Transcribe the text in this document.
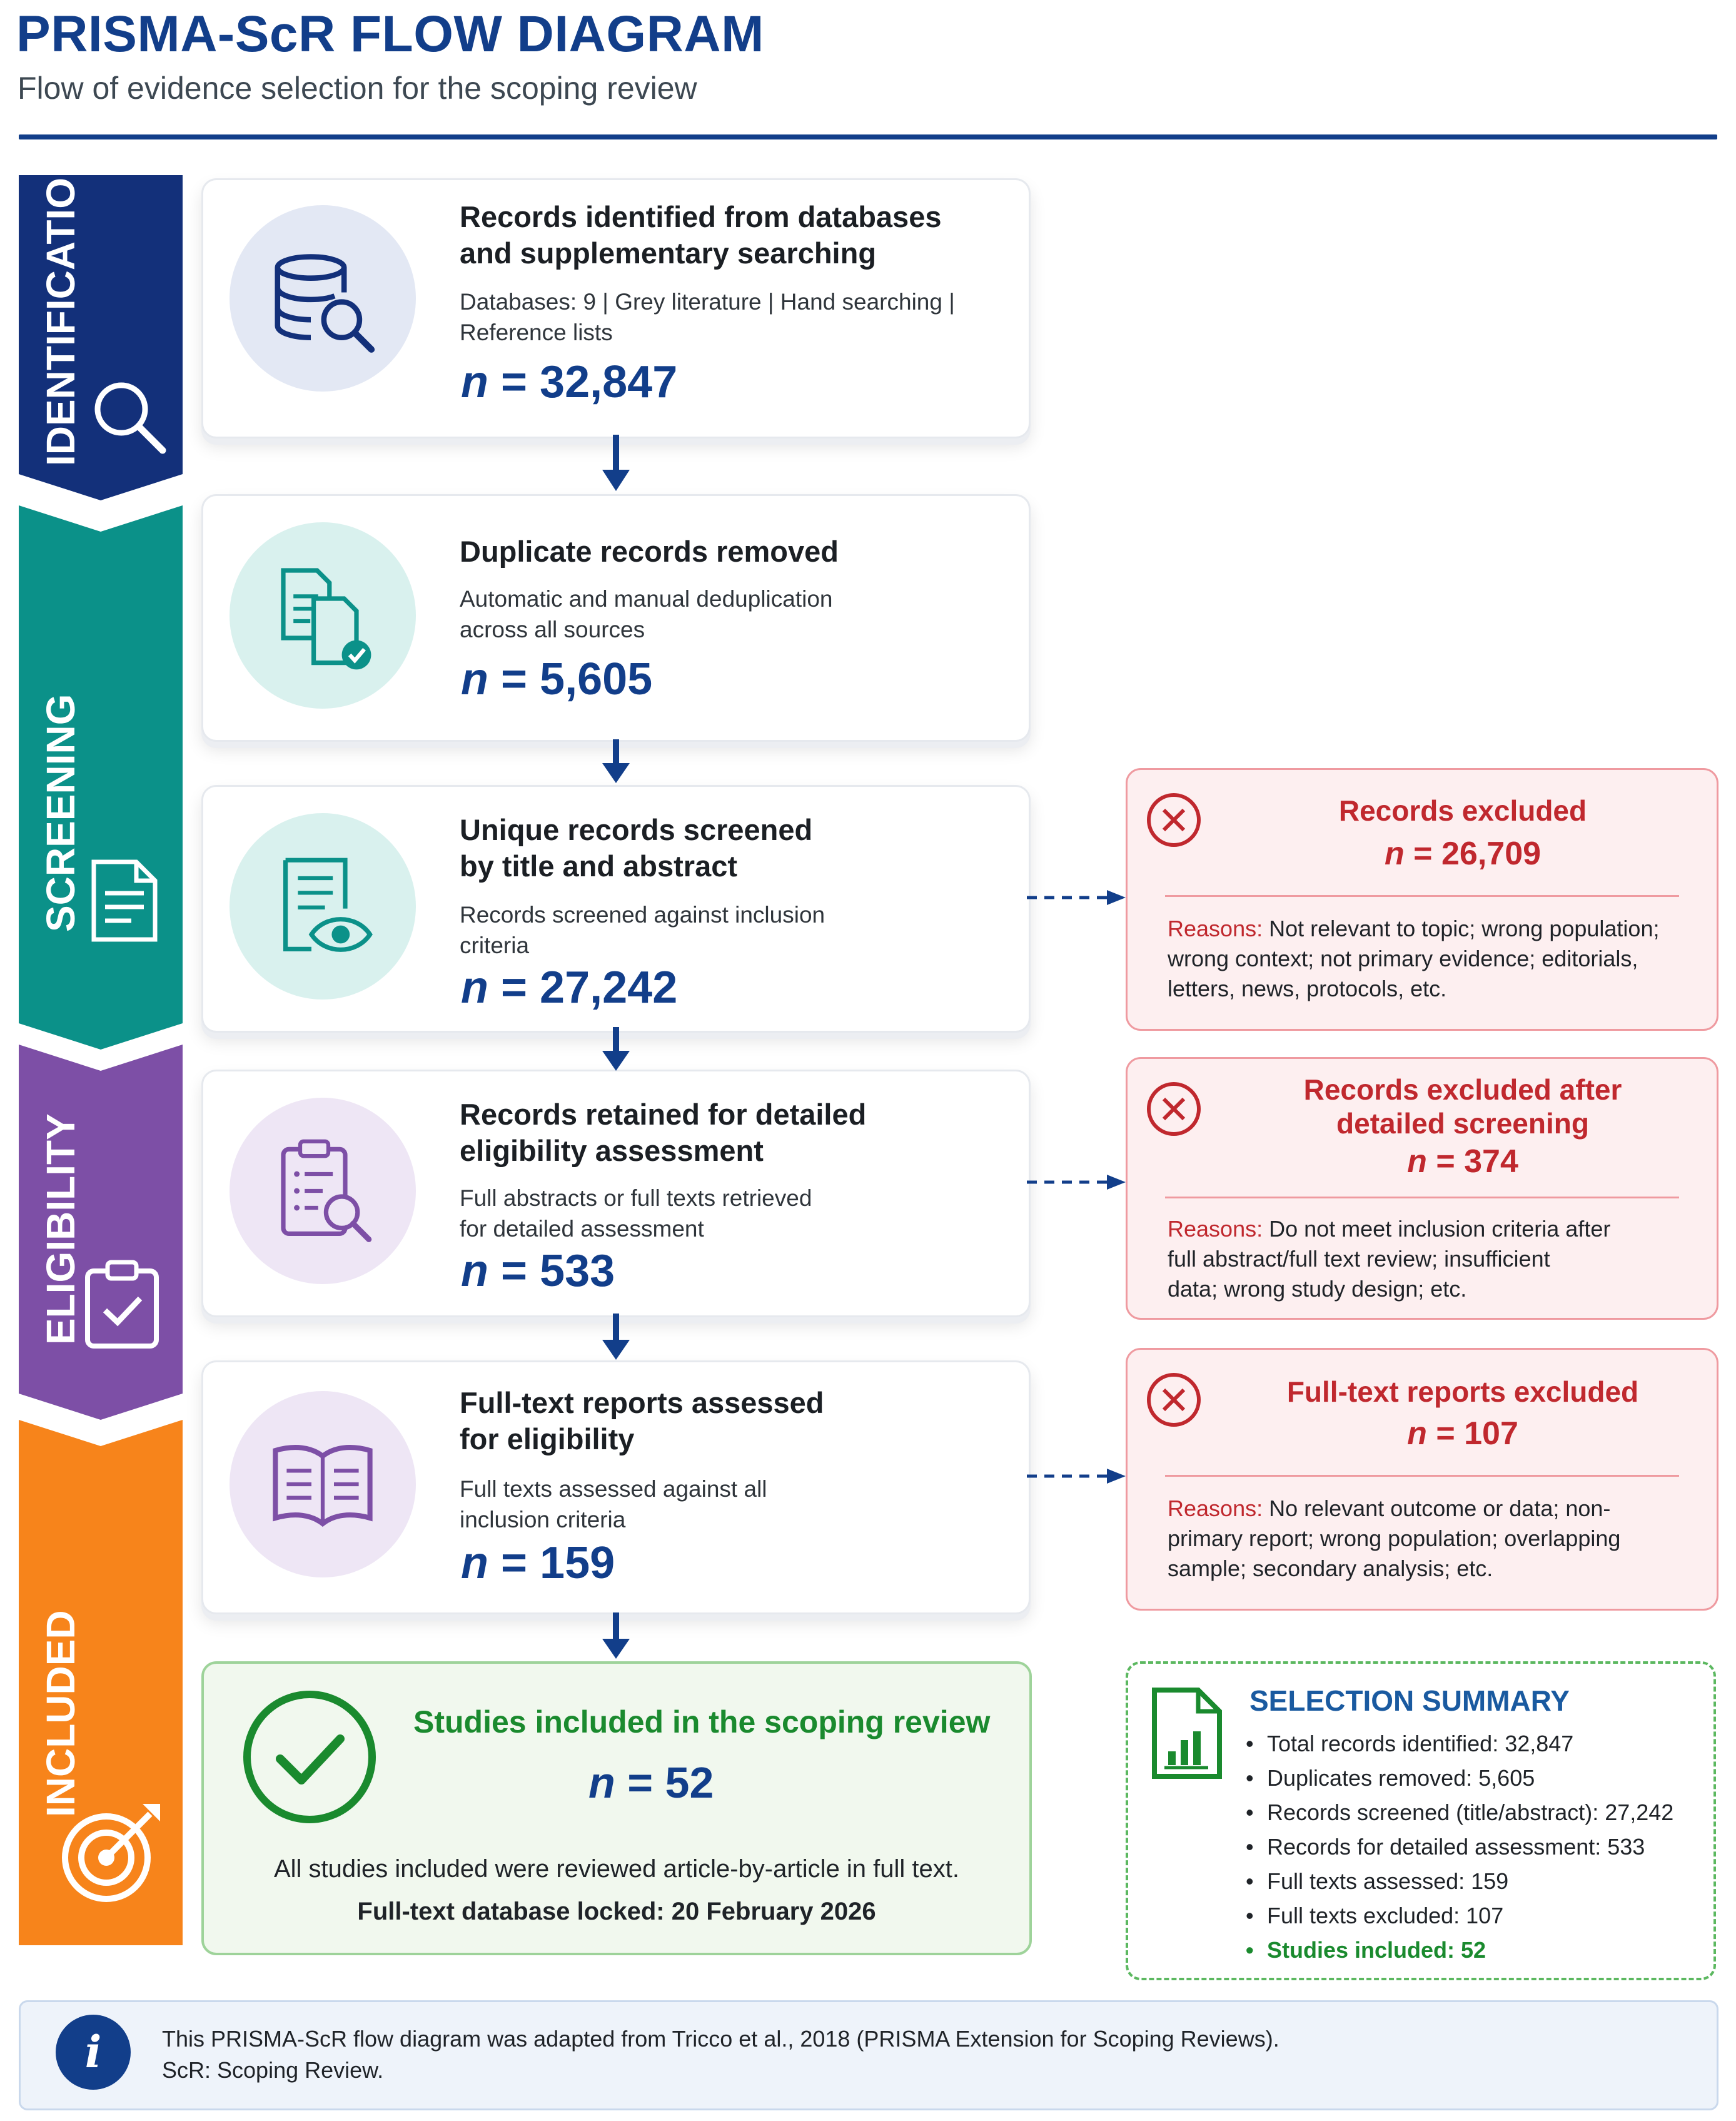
PRISMA-ScR FLOW DIAGRAM
Flow of evidence selection for the scoping review
IDENTIFICATION
SCREENING
ELIGIBILITY
INCLUDED
Records identified from databases
and supplementary searching
Databases: 9 | Grey literature | Hand searching |
Reference lists
n = 32,847
Duplicate records removed
Automatic and manual deduplication
across all sources
n = 5,605
Unique records screened
by title and abstract
Records screened against inclusion
criteria
n = 27,242
Records retained for detailed
eligibility assessment
Full abstracts or full texts retrieved
for detailed assessment
n = 533
Full-text reports assessed
for eligibility
Full texts assessed against all
inclusion criteria
n = 159
Records excluded
n = 26,709
Reasons: Not relevant to topic; wrong population;
wrong context; not primary evidence; editorials,
letters, news, protocols, etc.
Records excluded after
detailed screening
n = 374
Reasons: Do not meet inclusion criteria after
full abstract/full text review; insufficient
data; wrong study design; etc.
Full-text reports excluded
n = 107
Reasons: No relevant outcome or data; non-
primary report; wrong population; overlapping
sample; secondary analysis; etc.
Studies included in the scoping review
n = 52
All studies included were reviewed article-by-article in full text.
Full-text database locked: 20 February 2026
SELECTION SUMMARY
• Total records identified: 32,847
• Duplicates removed: 5,605
• Records screened (title/abstract): 27,242
• Records for detailed assessment: 533
• Full texts assessed: 159
• Full texts excluded: 107
• Studies included: 52
i	This PRISMA-ScR flow diagram was adapted from Tricco et al., 2018 (PRISMA Extension for Scoping Reviews).
ScR: Scoping Review.
